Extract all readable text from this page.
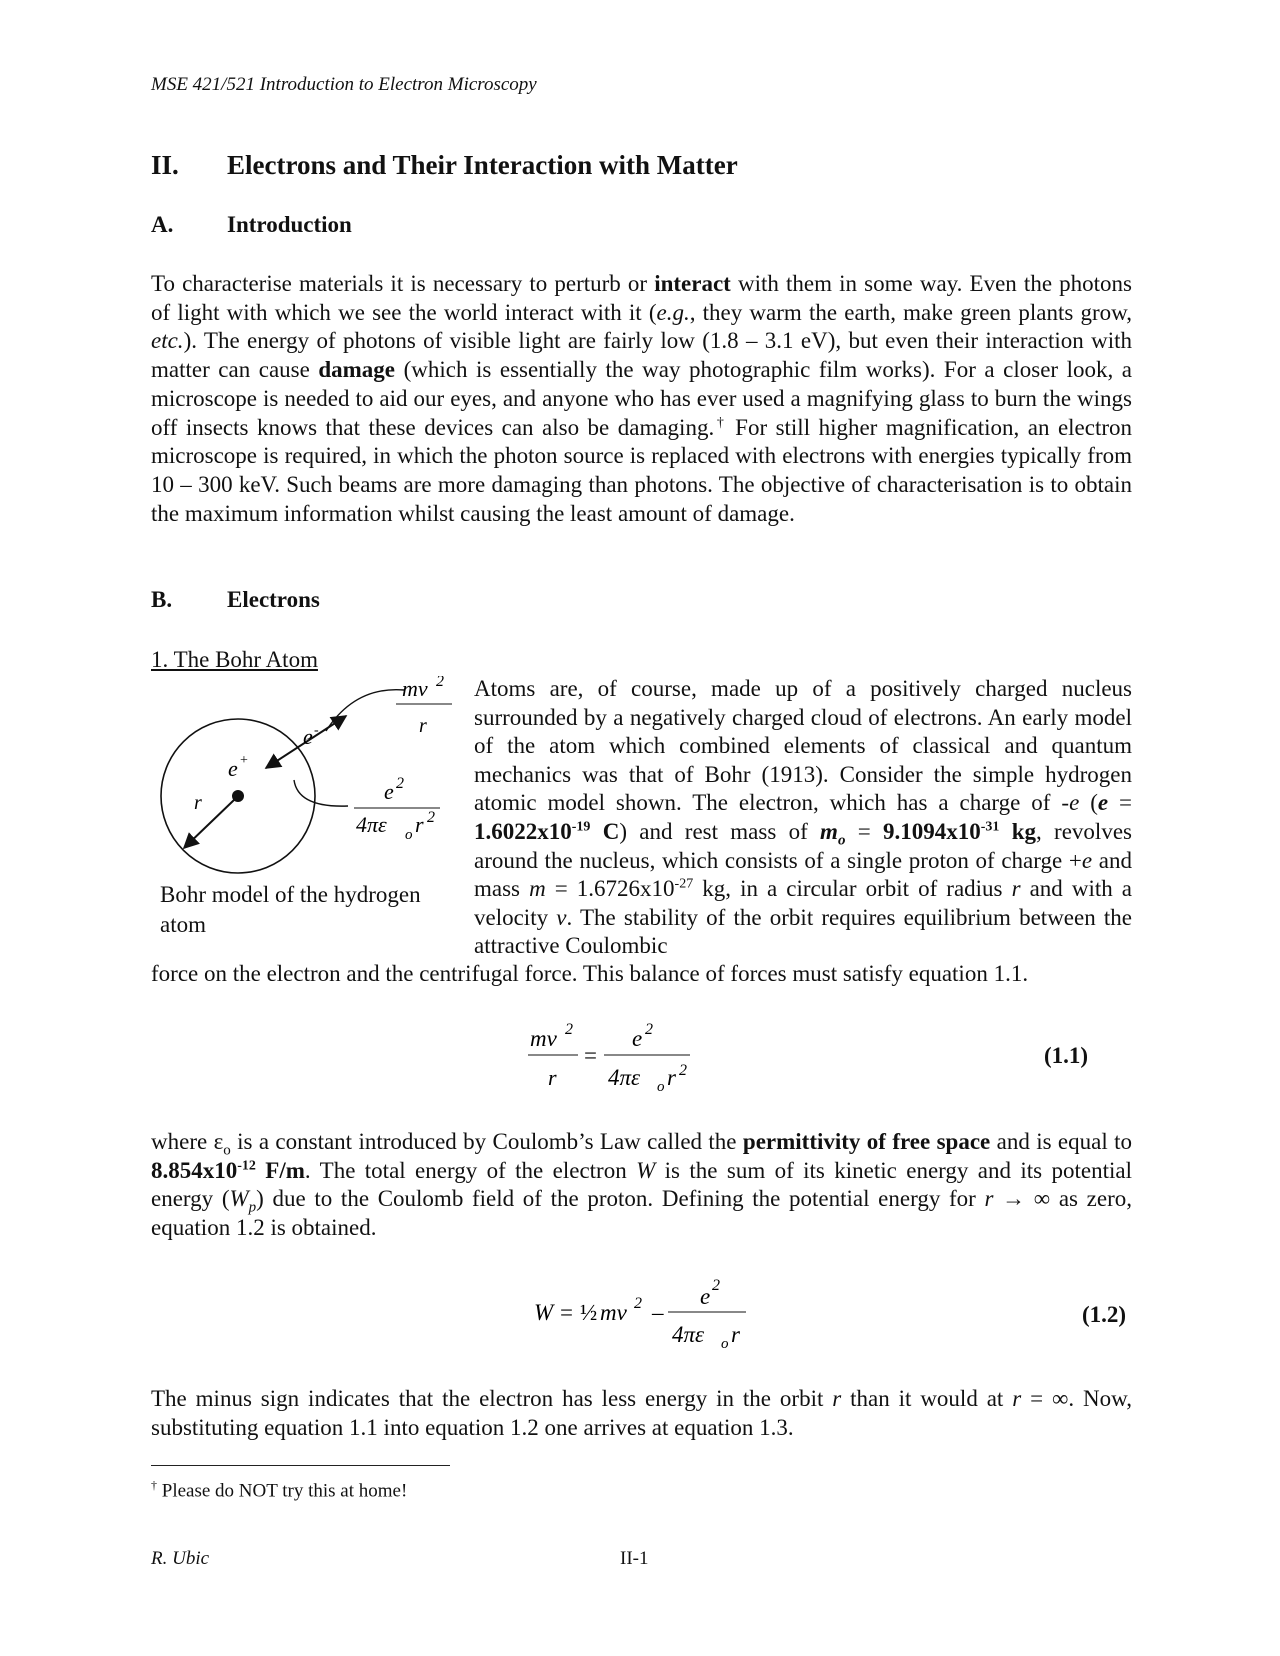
MSE 421/521 Introduction to Electron Microscopy
II. Electrons and Their Interaction with Matter
A. Introduction
To characterise materials it is necessary to perturb or interact with them in some way. Even the photons of light with which we see the world interact with it (e.g., they warm the earth, make green plants grow, etc.). The energy of photons of visible light are fairly low (1.8 – 3.1 eV), but even their interaction with matter can cause damage (which is essentially the way photographic film works). For a closer look, a microscope is needed to aid our eyes, and anyone who has ever used a magnifying glass to burn the wings off insects knows that these devices can also be damaging.† For still higher magnification, an electron microscope is required, in which the photon source is replaced with electrons with energies typically from 10 – 300 keV. Such beams are more damaging than photons. The objective of characterisation is to obtain the maximum information whilst causing the least amount of damage.
B. Electrons
1. The Bohr Atom
e -
e +
r
mv 2
r
e 2
4πε o r 2
Bohr model of the hydrogen atom
Atoms are, of course, made up of a positively charged nucleus surrounded by a negatively charged cloud of electrons. An early model of the atom which combined elements of classical and quantum mechanics was that of Bohr (1913). Consider the simple hydrogen atomic model shown. The electron, which has a charge of -e ($e = 1.6022x10^{-19}$ C) and rest mass of $m_o = 9.1094x10^{-31}$ kg, revolves around the nucleus, which consists of a single proton of charge +e and mass $m = 1.6726x10^{-27}$ kg, in a circular orbit of radius r and with a velocity v. The stability of the orbit requires equilibrium between the attractive Coulombic
force on the electron and the centrifugal force. This balance of forces must satisfy equation 1.1.
mv 2
r
=
e 2
4πε o r 2
(1.1)
where $\varepsilon_o$ is a constant introduced by Coulomb’s Law called the permittivity of free space and is equal to $8.854x10^{-12}$ F/m. The total energy of the electron W is the sum of its kinetic energy and its potential energy $(W_p)$ due to the Coulomb field of the proton. Defining the potential energy for r → ∞ as zero, equation 1.2 is obtained.
W = ½ mv 2 –
e 2
4πε o r
(1.2)
The minus sign indicates that the electron has less energy in the orbit r than it would at r = ∞. Now, substituting equation 1.1 into equation 1.2 one arrives at equation 1.3.
† Please do NOT try this at home!
R. Ubic	II-1
